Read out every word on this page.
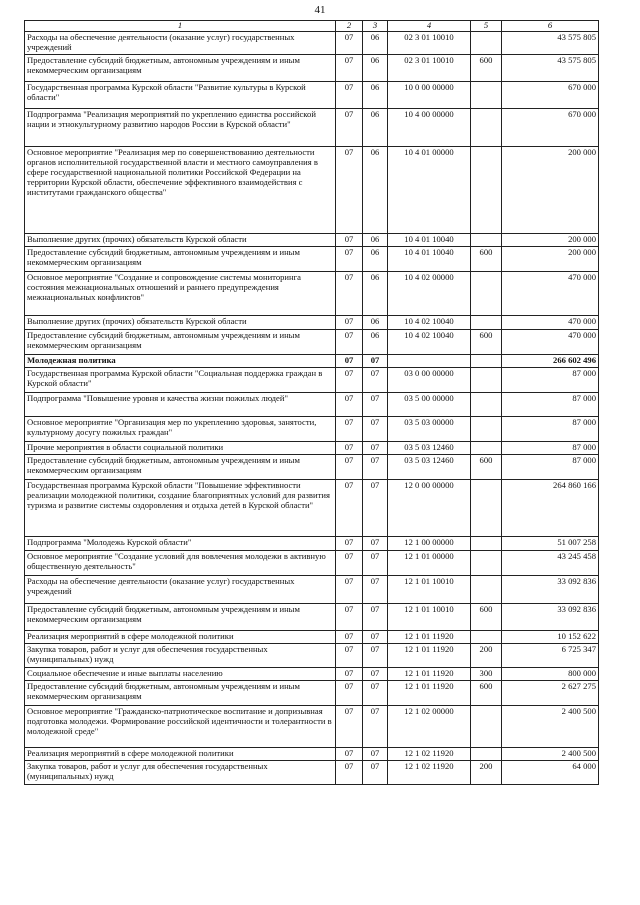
41
1	2	3	4	5	6
Расходы на обеспечение деятельности (оказание услуг) государственных учреждений	07	06	02 3 01 10010		43 575 805
Предоставление субсидий бюджетным, автономным учреждениям и иным некоммерческим организациям	07	06	02 3 01 10010	600	43 575 805
Государственная программа Курской области "Развитие культуры в Курской области"	07	06	10 0 00 00000		670 000
Подпрограмма "Реализация мероприятий по укреплению единства российской нации и этнокультурному развитию народов России в Курской области"	07	06	10 4 00 00000		670 000
Основное мероприятие "Реализация мер по совершенствованию деятельности органов исполнительной государственной власти и местного самоуправления в сфере государственной национальной политики Российской Федерации на территории Курской области, обеспечение эффективного взаимодействия с институтами гражданского общества"	07	06	10 4 01 00000		200 000
Выполнение других (прочих) обязательств Курской области	07	06	10 4 01 10040		200 000
Предоставление субсидий бюджетным, автономным учреждениям и иным некоммерческим организациям	07	06	10 4 01 10040	600	200 000
Основное мероприятие "Создание и сопровождение системы мониторинга состояния межнациональных отношений и раннего предупреждения межнациональных конфликтов"	07	06	10 4 02 00000		470 000
Выполнение других (прочих) обязательств Курской области	07	06	10 4 02 10040		470 000
Предоставление субсидий бюджетным, автономным учреждениям и иным некоммерческим организациям	07	06	10 4 02 10040	600	470 000
Молодежная политика	07	07			266 602 496
Государственная программа Курской области "Социальная поддержка граждан в Курской области"	07	07	03 0 00 00000		87 000
Подпрограмма "Повышение уровня и качества жизни пожилых людей"	07	07	03 5 00 00000		87 000
Основное мероприятие "Организация мер по укреплению здоровья, занятости, культурному досугу пожилых граждан"	07	07	03 5 03 00000		87 000
Прочие мероприятия в области социальной политики	07	07	03 5 03 12460		87 000
Предоставление субсидий бюджетным, автономным учреждениям и иным некоммерческим организациям	07	07	03 5 03 12460	600	87 000
Государственная программа Курской области "Повышение эффективности реализации молодежной политики, создание благоприятных условий для развития туризма и развитие системы оздоровления и отдыха детей в Курской области"	07	07	12 0 00 00000		264 860 166
Подпрограмма "Молодежь Курской области"	07	07	12 1 00 00000		51 007 258
Основное мероприятие "Создание условий для вовлечения молодежи в активную общественную деятельность"	07	07	12 1 01 00000		43 245 458
Расходы на обеспечение деятельности (оказание услуг) государственных учреждений	07	07	12 1 01 10010		33 092 836
Предоставление субсидий бюджетным, автономным учреждениям и иным некоммерческим организациям	07	07	12 1 01 10010	600	33 092 836
Реализация мероприятий в сфере молодежной политики	07	07	12 1 01 11920		10 152 622
Закупка товаров, работ и услуг для обеспечения государственных (муниципальных) нужд	07	07	12 1 01 11920	200	6 725 347
Социальное обеспечение и иные выплаты населению	07	07	12 1 01 11920	300	800 000
Предоставление субсидий бюджетным, автономным учреждениям и иным некоммерческим организациям	07	07	12 1 01 11920	600	2 627 275
Основное мероприятие "Гражданско-патриотическое воспитание и допризывная подготовка молодежи. Формирование российской идентичности и толерантности в молодежной среде"	07	07	12 1 02 00000		2 400 500
Реализация мероприятий в сфере молодежной политики	07	07	12 1 02 11920		2 400 500
Закупка товаров, работ и услуг для обеспечения государственных (муниципальных) нужд	07	07	12 1 02 11920	200	64 000
